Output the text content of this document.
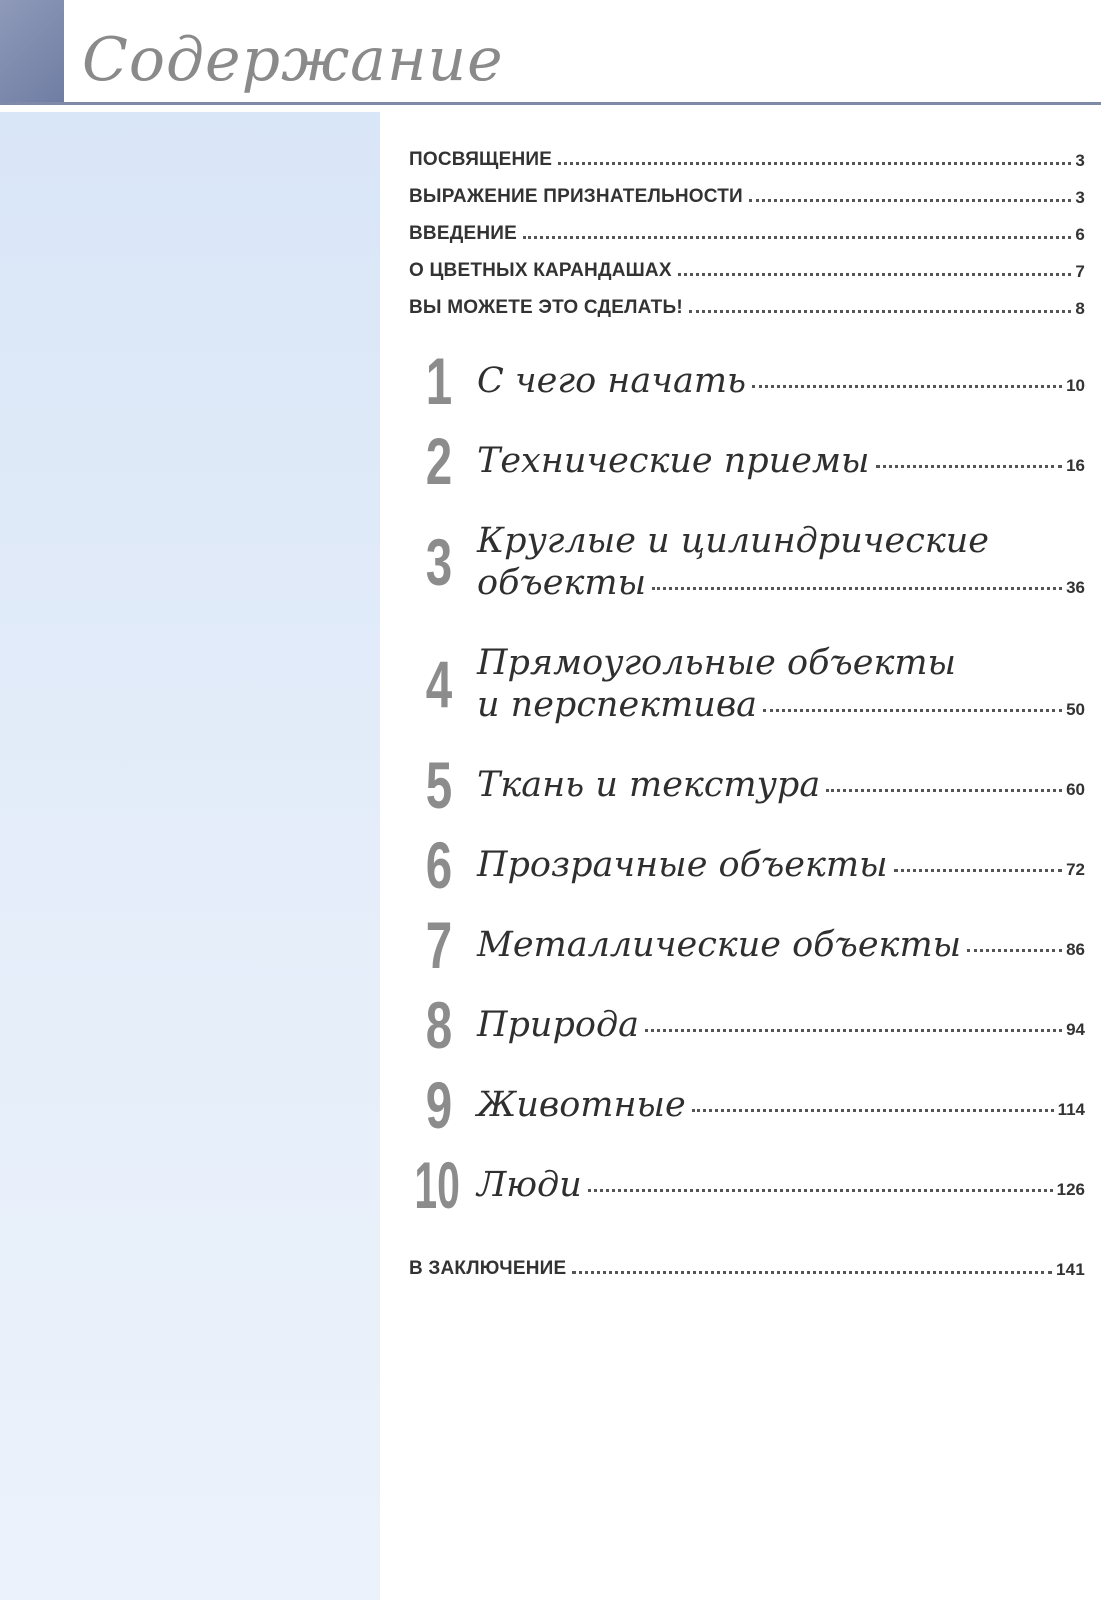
Содержание
ПОСВЯЩЕНИЕ	3
ВЫРАЖЕНИЕ ПРИЗНАТЕЛЬНОСТИ	3
ВВЕДЕНИЕ	6
О ЦВЕТНЫХ КАРАНДАШАХ	7
ВЫ МОЖЕТЕ ЭТО СДЕЛАТЬ!	8
1 С чего начать	10
2 Технические приемы	16
3 Круглые и цилиндрические
объекты	36
4 Прямоугольные объекты
и перспектива	50
5 Ткань и текстура	60
6 Прозрачные объекты	72
7 Металлические объекты	86
8 Природа	94
9 Животные	114
10 Люди	126
В ЗАКЛЮЧЕНИЕ	141
